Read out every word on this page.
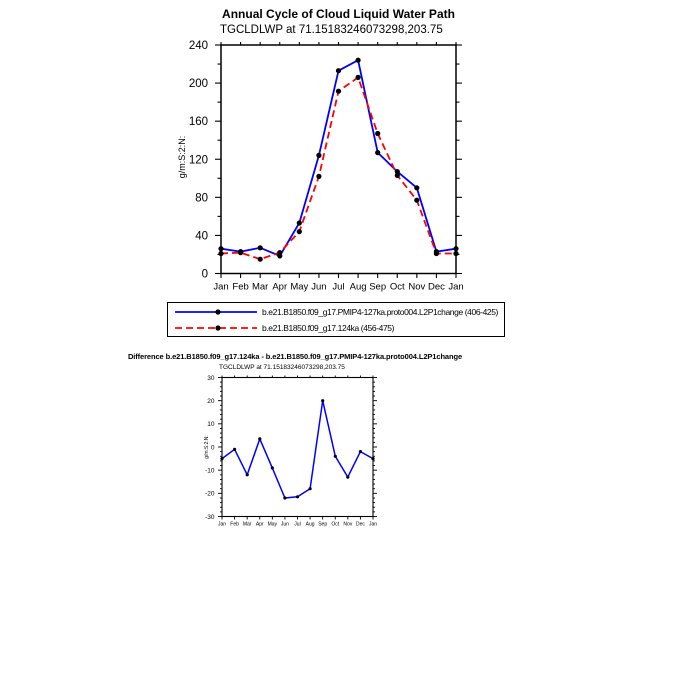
Annual Cycle of Cloud Liquid Water Path
TGCLDLWP at 71.15183246073298,203.75
g/m:S:2:N:
Jan Feb Mar Apr May Jun Jul Aug Sep Oct Nov Dec Jan
0
40
80
120
160
200
240
Jan Feb Mar Apr May Jun Jul Aug Sep Oct Nov Dec Jan
-30
-20
-10
0
10
20
30
b.e21.B1850.f09_g17.PMIP4-127ka.proto004.L2P1change (406-425)
b.e21.B1850.f09_g17.124ka (456-475)
Difference b.e21.B1850.f09_g17.124ka - b.e21.B1850.f09_g17.PMIP4-127ka.proto004.L2P1change
TGCLDLWP at 71.15183246073298,203.75
g/m:S:2:N:
